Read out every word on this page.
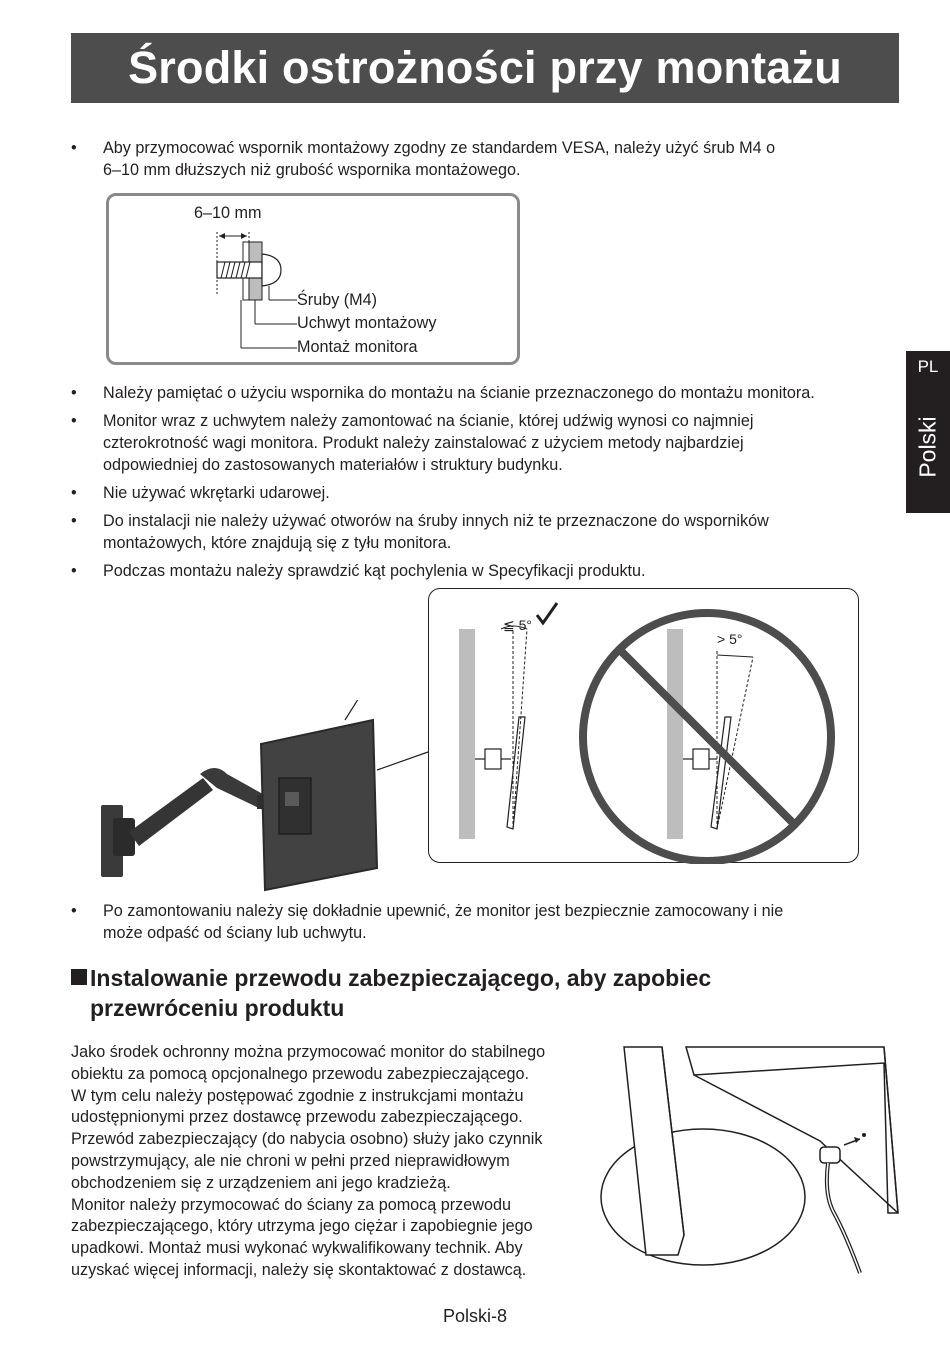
Środki ostrożności przy montażu
PL
Polski
• Aby przymocować wspornik montażowy zgodny ze standardem VESA, należy użyć śrub M4 o
6–10 mm dłuższych niż grubość wspornika montażowego.
6–10 mm
Śruby (M4)
Uchwyt montażowy
Montaż monitora
• Należy pamiętać o użyciu wspornika do montażu na ścianie przeznaczonego do montażu monitora.
• Monitor wraz z uchwytem należy zamontować na ścianie, której udźwig wynosi co najmniej
czterokrotność wagi monitora. Produkt należy zainstalować z użyciem metody najbardziej
odpowiedniej do zastosowanych materiałów i struktury budynku.
• Nie używać wkrętarki udarowej.
• Do instalacji nie należy używać otworów na śruby innych niż te przeznaczone do wsporników
montażowych, które znajdują się z tyłu monitora.
• Podczas montażu należy sprawdzić kąt pochylenia w Specyfikacji produktu.
≦ 5°
> 5°
• Po zamontowaniu należy się dokładnie upewnić, że monitor jest bezpiecznie zamocowany i nie
może odpaść od ściany lub uchwytu.
Instalowanie przewodu zabezpieczającego, aby zapobiec
przewróceniu produktu
Jako środek ochronny można przymocować monitor do stabilnego
obiektu za pomocą opcjonalnego przewodu zabezpieczającego.
W tym celu należy postępować zgodnie z instrukcjami montażu
udostępnionymi przez dostawcę przewodu zabezpieczającego.
Przewód zabezpieczający (do nabycia osobno) służy jako czynnik
powstrzymujący, ale nie chroni w pełni przed nieprawidłowym
obchodzeniem się z urządzeniem ani jego kradzieżą.
Monitor należy przymocować do ściany za pomocą przewodu
zabezpieczającego, który utrzyma jego ciężar i zapobiegnie jego
upadkowi. Montaż musi wykonać wykwalifikowany technik. Aby
uzyskać więcej informacji, należy się skontaktować z dostawcą.
Polski-8
